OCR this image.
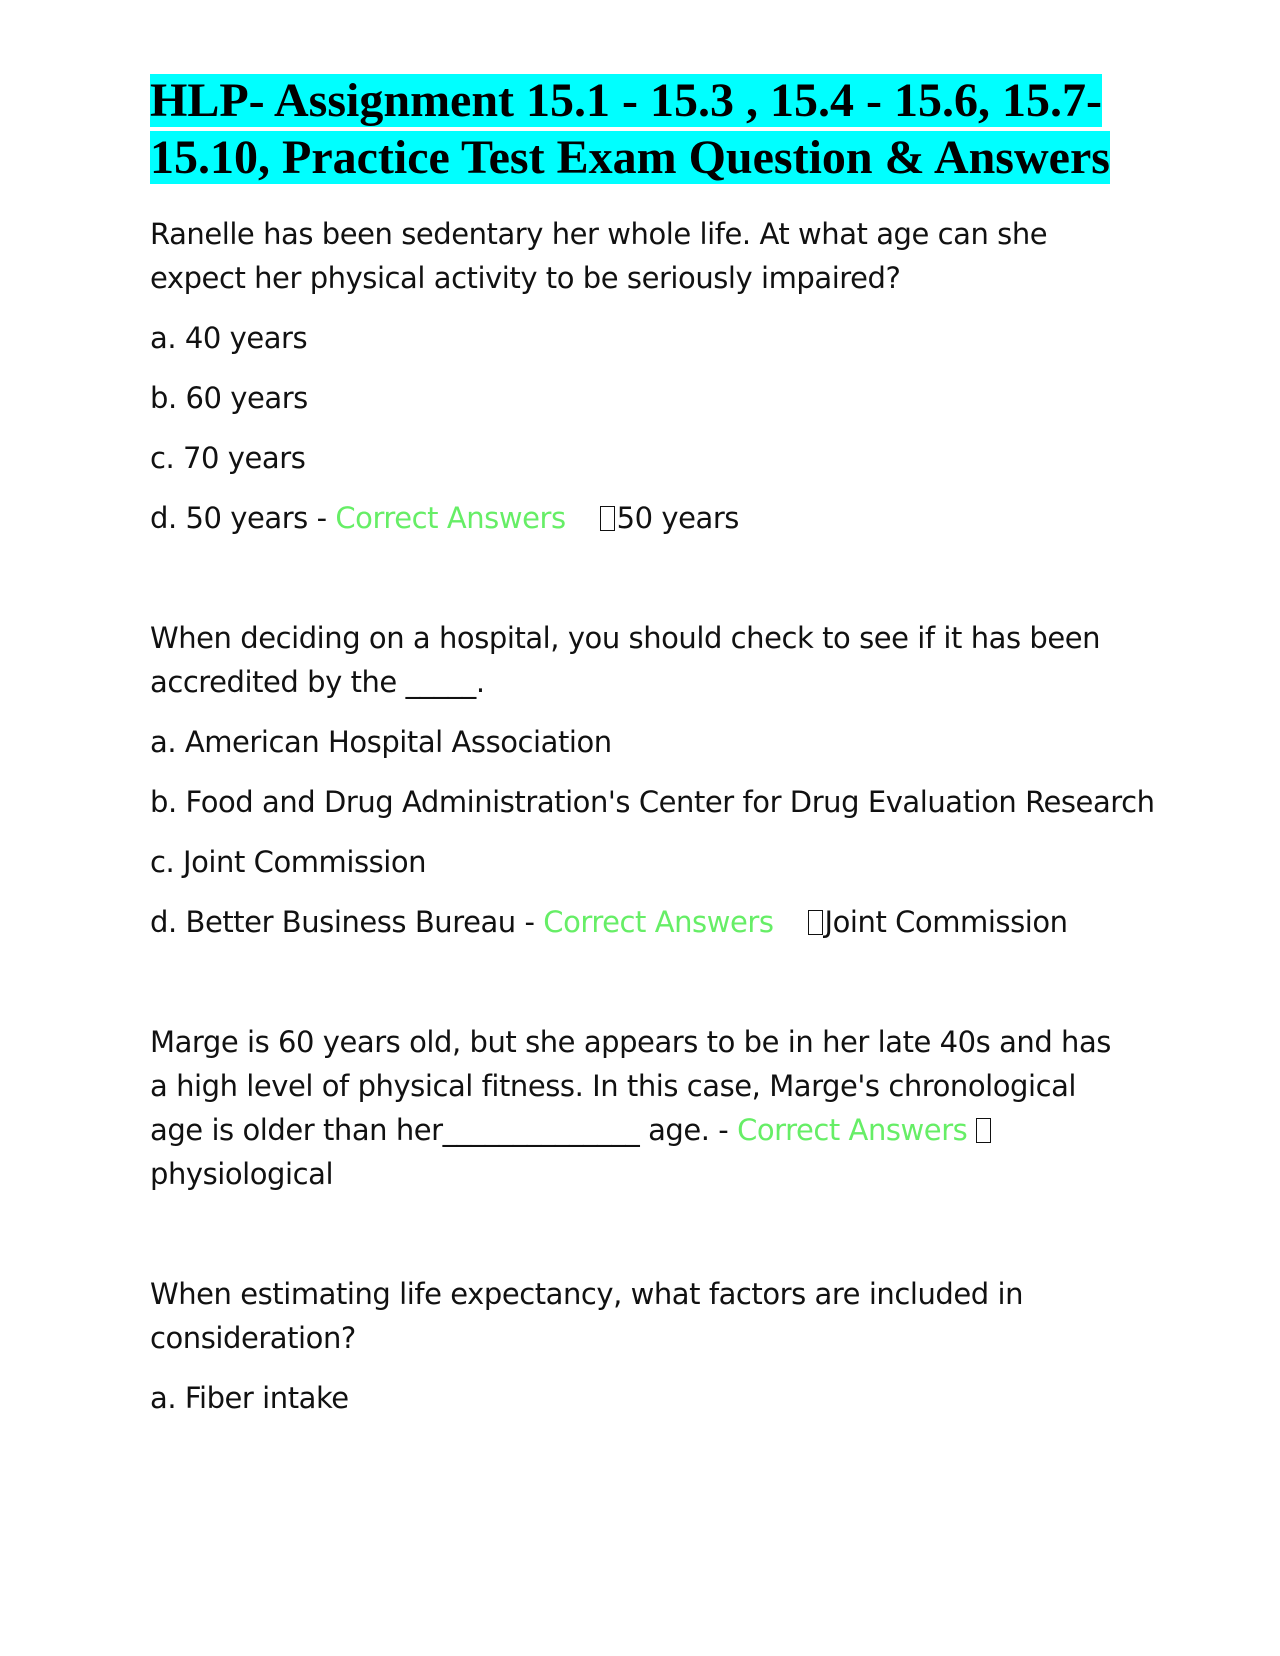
HLP- Assignment 15.1 - 15.3 , 15.4 - 15.6, 15.7-15.10, Practice Test Exam Question & Answers

Ranelle has been sedentary her whole life. At what age can she expect her physical activity to be seriously impaired?

a. 40 years

b. 60 years

c. 70 years

d. 50 years - Correct Answers 50 years

When deciding on a hospital, you should check to see if it has been accredited by the _____.

a. American Hospital Association

b. Food and Drug Administration's Center for Drug Evaluation Research

c. Joint Commission

d. Better Business Bureau - Correct Answers Joint Commission

Marge is 60 years old, but she appears to be in her late 40s and has a high level of physical fitness. In this case, Marge's chronological age is older than her______________ age. - Correct Answers physiological

When estimating life expectancy, what factors are included in consideration?

a. Fiber intake
